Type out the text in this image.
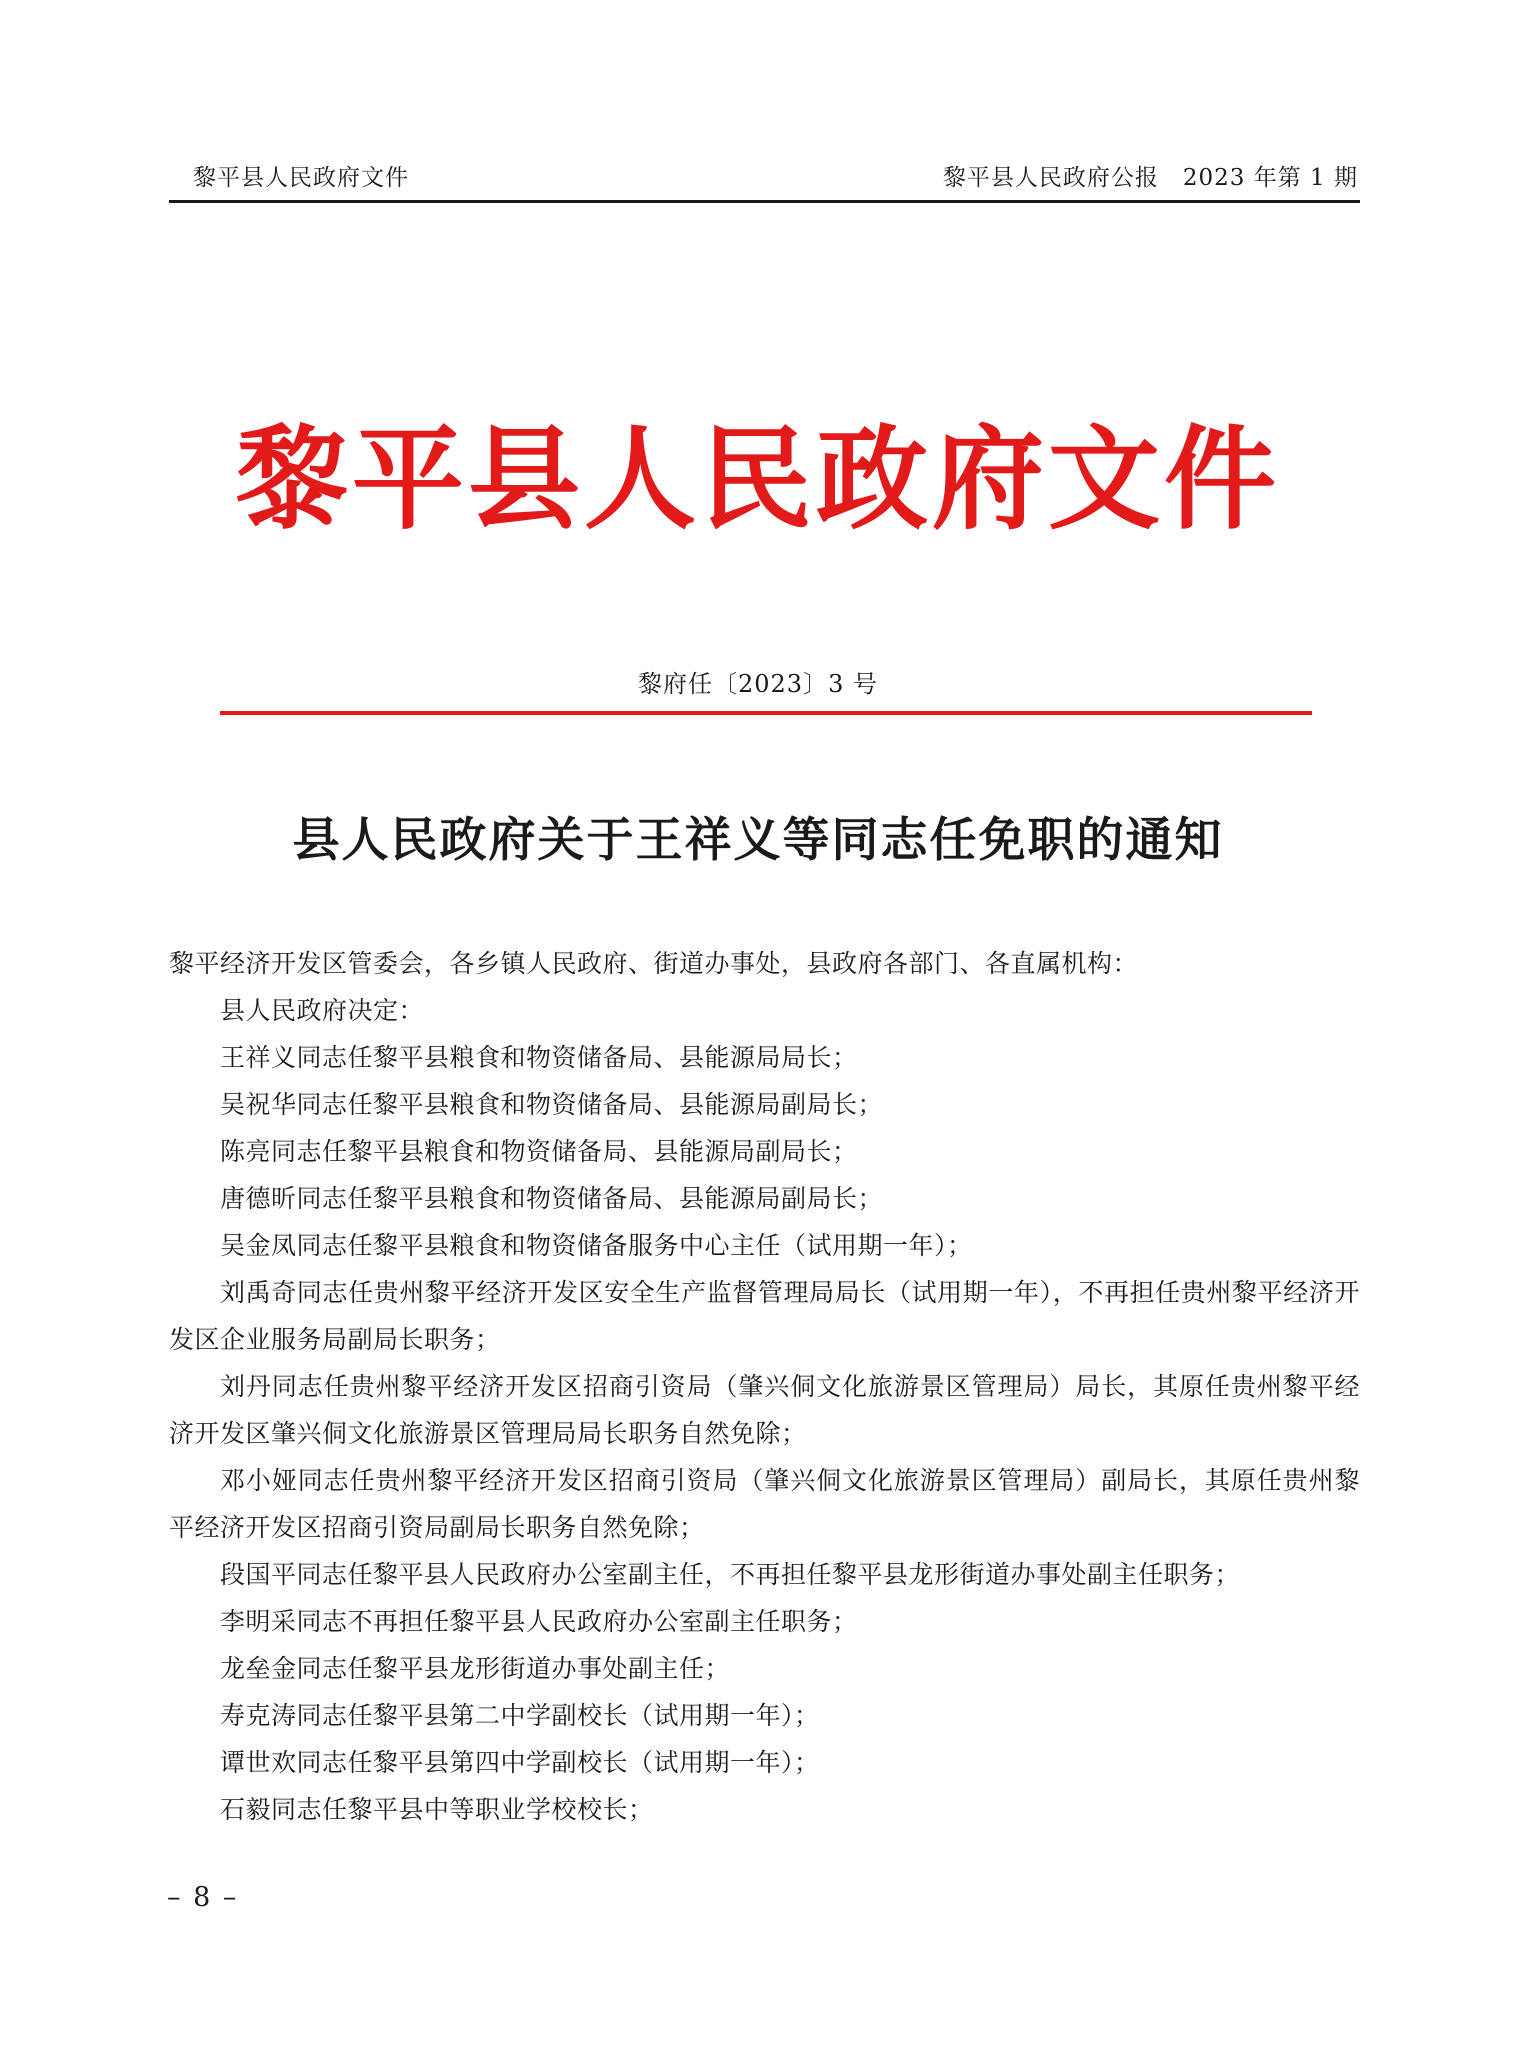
黎平县人民政府文件	黎平县人民政府公报　2023 年第 1 期
黎平县人民政府文件
黎府任〔2023〕3 号
县人民政府关于王祥义等同志任免职的通知

黎平经济开发区管委会，各乡镇人民政府、街道办事处，县政府各部门、各直属机构：

县人民政府决定：

王祥义同志任黎平县粮食和物资储备局、县能源局局长；

吴祝华同志任黎平县粮食和物资储备局、县能源局副局长；

陈亮同志任黎平县粮食和物资储备局、县能源局副局长；

唐德昕同志任黎平县粮食和物资储备局、县能源局副局长；

吴金凤同志任黎平县粮食和物资储备服务中心主任（试用期一年）；

刘禹奇同志任贵州黎平经济开发区安全生产监督管理局局长（试用期一年），不再担任贵州黎平经济开发区企业服务局副局长职务；

刘丹同志任贵州黎平经济开发区招商引资局（肇兴侗文化旅游景区管理局）局长，其原任贵州黎平经济开发区肇兴侗文化旅游景区管理局局长职务自然免除；

邓小娅同志任贵州黎平经济开发区招商引资局（肇兴侗文化旅游景区管理局）副局长，其原任贵州黎平经济开发区招商引资局副局长职务自然免除；

段国平同志任黎平县人民政府办公室副主任，不再担任黎平县龙形街道办事处副主任职务；

李明采同志不再担任黎平县人民政府办公室副主任职务；

龙垒金同志任黎平县龙形街道办事处副主任；

寿克涛同志任黎平县第二中学副校长（试用期一年）；

谭世欢同志任黎平县第四中学副校长（试用期一年）；

石毅同志任黎平县中等职业学校校长；

– 8 –
